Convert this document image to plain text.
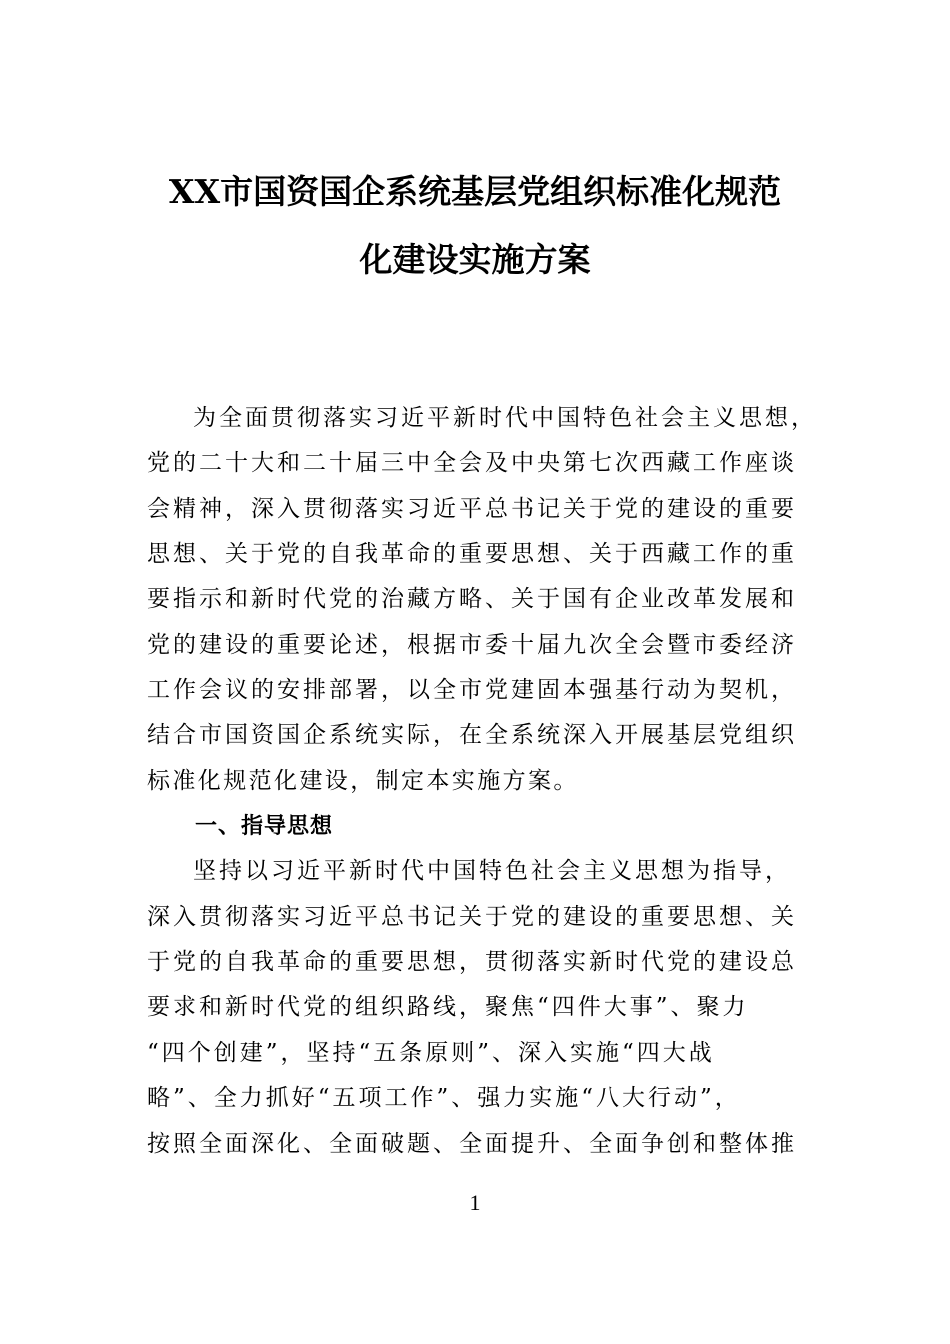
XX市国资国企系统基层党组织标准化规范
化建设实施方案
为全面贯彻落实习近平新时代中国特色社会主义思想，
党的二十大和二十届三中全会及中央第七次西藏工作座谈
会精神，深入贯彻落实习近平总书记关于党的建设的重要
思想、关于党的自我革命的重要思想、关于西藏工作的重
要指示和新时代党的治藏方略、关于国有企业改革发展和
党的建设的重要论述，根据市委十届九次全会暨市委经济
工作会议的安排部署，以全市党建固本强基行动为契机，
结合市国资国企系统实际，在全系统深入开展基层党组织
标准化规范化建设，制定本实施方案。
一、指导思想
坚持以习近平新时代中国特色社会主义思想为指导，
深入贯彻落实习近平总书记关于党的建设的重要思想、关
于党的自我革命的重要思想，贯彻落实新时代党的建设总
要求和新时代党的组织路线，聚焦“四件大事”、聚力
“四个创建”，坚持“五条原则”、深入实施“四大战
略”、全力抓好“五项工作”、强力实施“八大行动”，
按照全面深化、全面破题、全面提升、全面争创和整体推
1
